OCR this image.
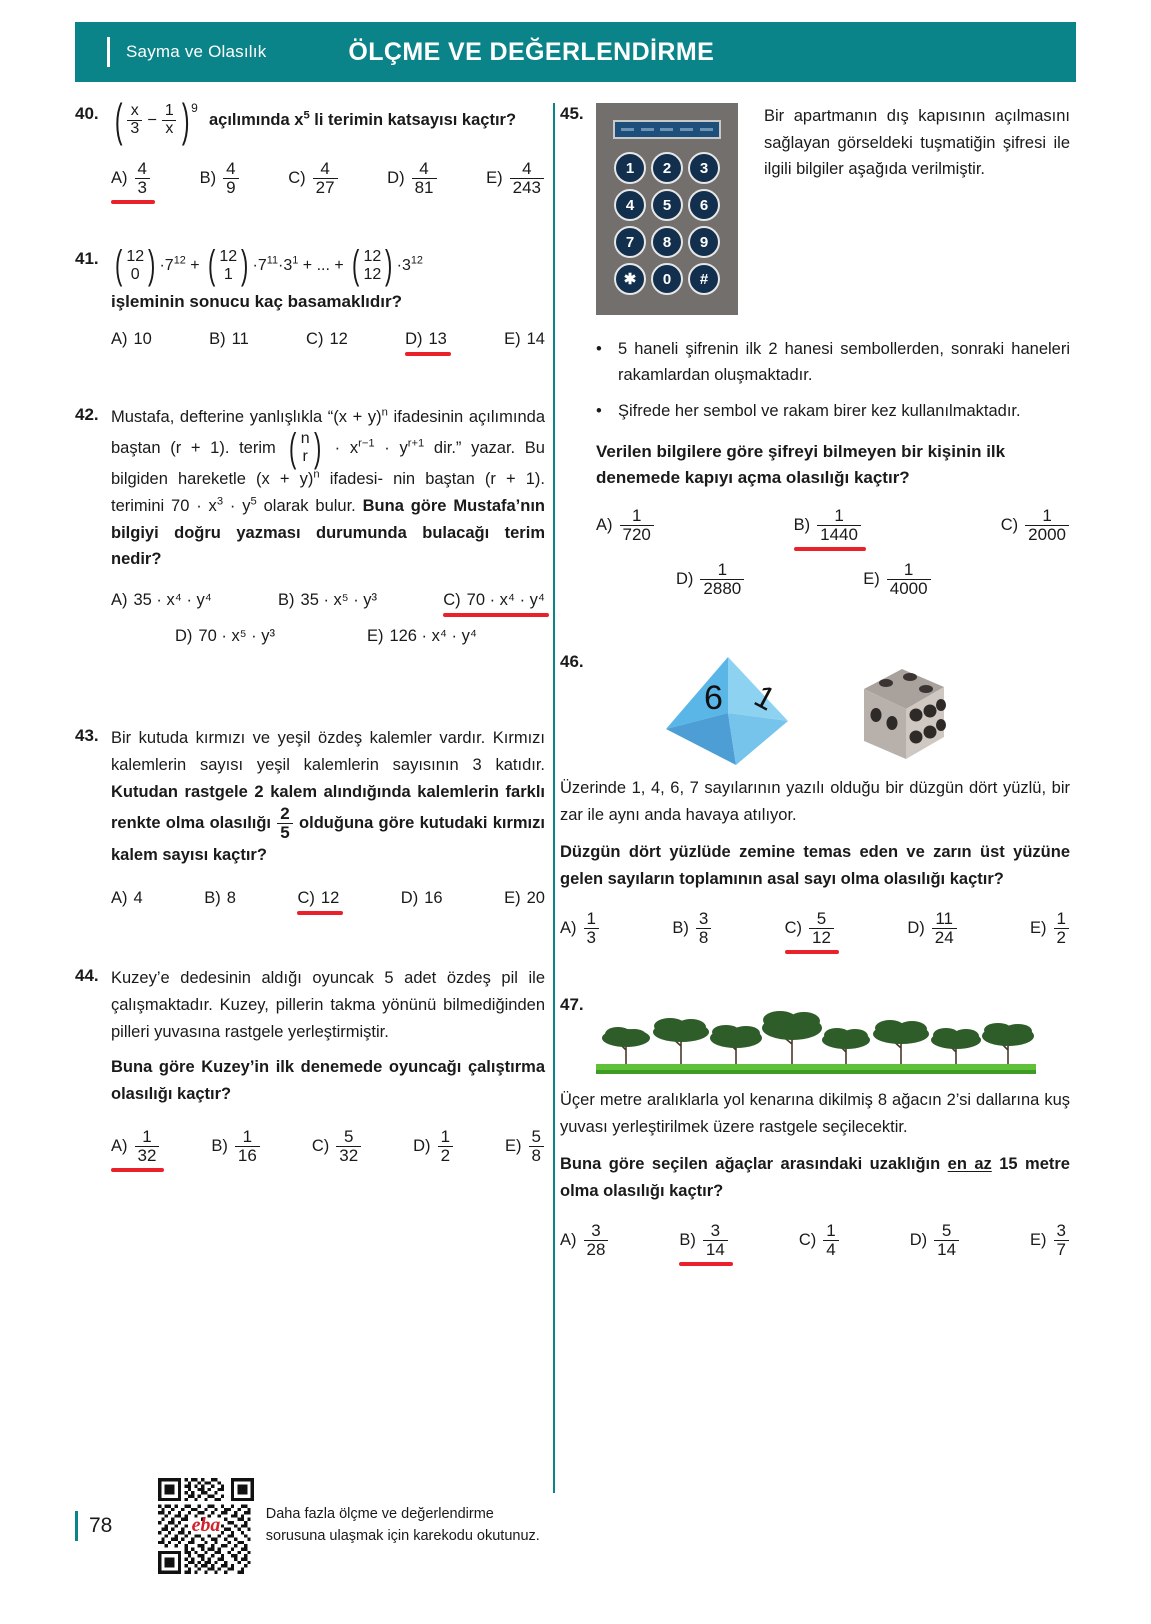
Sayma ve Olasılık	ÖLÇME VE DEĞERLENDİRME
40. ( $\frac{x}{3} - \frac{1}{x}$ ) 9
açılımında $x^5$ li terimin katsayısı kaçtır?
$A) \frac{4}{3}$	$B) \frac{4}{9}$	$C) \frac{4}{27}$	$D) \frac{4}{81}$	$E) \frac{4}{243}$
41. ( 12
0 ) $\cdot 7^{12}$ + ( 12
1 ) $\cdot 7^{11}\cdot 3^1$ + ... + ( 12
12 ) $\cdot 3^{12}$
işleminin sonucu kaç basamaklıdır?
A) 10	B) 11	C) 12	D) 13	E) 14
42. Mustafa, defterine yanlışlıkla “$(x + y)^n$ ifadesinin açılımında baştan (r + 1). terim ( n
r ) · $x^{r-1} \cdot y^{r+1}$ dir.” yazar. Bu bilgiden hareketle $(x + y)^n$ ifadesi- nin baştan (r + 1). terimini $70 \cdot x^3 \cdot y^5$ olarak bulur. Buna göre Mustafa’nın bilgiyi doğru yazması durumunda bulacağı terim nedir?
A) 35 · x⁴ · y⁴	B) 35 · x⁵ · y³	C) 70 · x⁴ · y⁴
D) 70 · x⁵ · y³	E) 126 · x⁴ · y⁴
43. Bir kutuda kırmızı ve yeşil özdeş kalemler vardır. Kırmızı kalemlerin sayısı yeşil kalemlerin sayısının 3 katıdır. Kutudan rastgele 2 kalem alındığında kalemlerin farklı renkte olma olasılığı $\frac{2}{5}$ olduğuna göre kutudaki kırmızı kalem sayısı kaçtır?
A) 4	B) 8	C) 12	D) 16	E) 20
44. Kuzey’e dedesinin aldığı oyuncak 5 adet özdeş pil ile çalışmaktadır. Kuzey, pillerin takma yönünü bilmediğinden pilleri yuvasına rastgele yerleştirmiştir.
Buna göre Kuzey’in ilk denemede oyuncağı çalıştırma olasılığı kaçtır?
$A) \frac{1}{32}$	$B) \frac{1}{16}$	$C) \frac{5}{32}$	$D) \frac{1}{2}$	$E) \frac{5}{8}$
45.
1	2	3
4	5	6
7	8	9
✱	0	#
Bir apartmanın dış kapısının açılmasını sağlayan görseldeki tuşmatiğin şifresi ile ilgili bilgiler aşağıda verilmiştir.
• 5 haneli şifrenin ilk 2 hanesi sembollerden, sonraki haneleri rakamlardan oluşmaktadır.
• Şifrede her sembol ve rakam birer kez kullanılmaktadır.
Verilen bilgilere göre şifreyi bilmeyen bir kişinin ilk denemede kapıyı açma olasılığı kaçtır?
$A) \frac{1}{720}$	$B) \frac{1}{1440}$	$C) \frac{1}{2000}$
$D) \frac{1}{2880}$	$E) \frac{1}{4000}$
46.
6 1
Üzerinde 1, 4, 6, 7 sayılarının yazılı olduğu bir düzgün dört yüzlü, bir zar ile aynı anda havaya atılıyor.
Düzgün dört yüzlüde zemine temas eden ve zarın üst yüzüne gelen sayıların toplamının asal sayı olma olasılığı kaçtır?
$A) \frac{1}{3}$	$B) \frac{3}{8}$	$C) \frac{5}{12}$	$D) \frac{11}{24}$	$E) \frac{1}{2}$
47.
Üçer metre aralıklarla yol kenarına dikilmiş 8 ağacın 2’si dallarına kuş yuvası yerleştirilmek üzere rastgele seçilecektir.
Buna göre seçilen ağaçlar arasındaki uzaklığın en az 15 metre olma olasılığı kaçtır?
$A) \frac{3}{28}$	$B) \frac{3}{14}$	$C) \frac{1}{4}$	$D) \frac{5}{14}$	$E) \frac{3}{7}$
78	eba	Daha fazla ölçme ve değerlendirme sorusuna ulaşmak için karekodu okutunuz.
